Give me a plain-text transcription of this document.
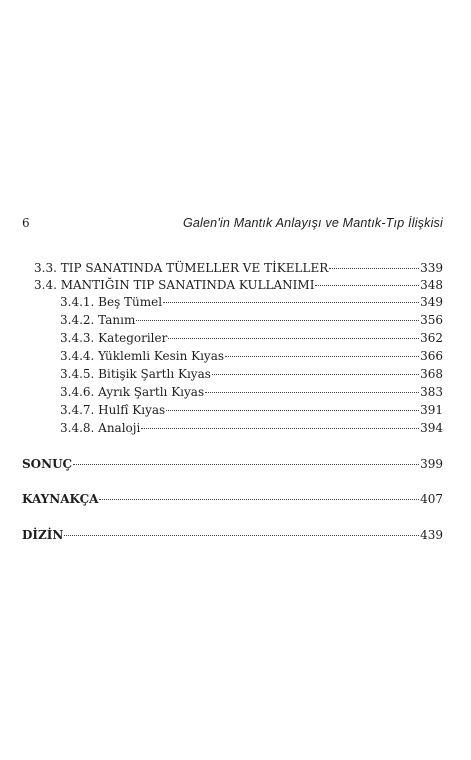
6	Galen'in Mantık Anlayışı ve Mantık-Tıp İlişkisi
3.3. TIP SANATINDA TÜMELLER VE TİKELLER	339
3.4. MANTIĞIN TIP SANATINDA KULLANIMI	348
3.4.1. Beş Tümel	349
3.4.2. Tanım	356
3.4.3. Kategoriler	362
3.4.4. Yüklemli Kesin Kıyas	366
3.4.5. Bitişik Şartlı Kıyas	368
3.4.6. Ayrık Şartlı Kıyas	383
3.4.7. Hulfî Kıyas	391
3.4.8. Analoji	394
SONUÇ	399
KAYNAKÇA	407
DİZİN	439
